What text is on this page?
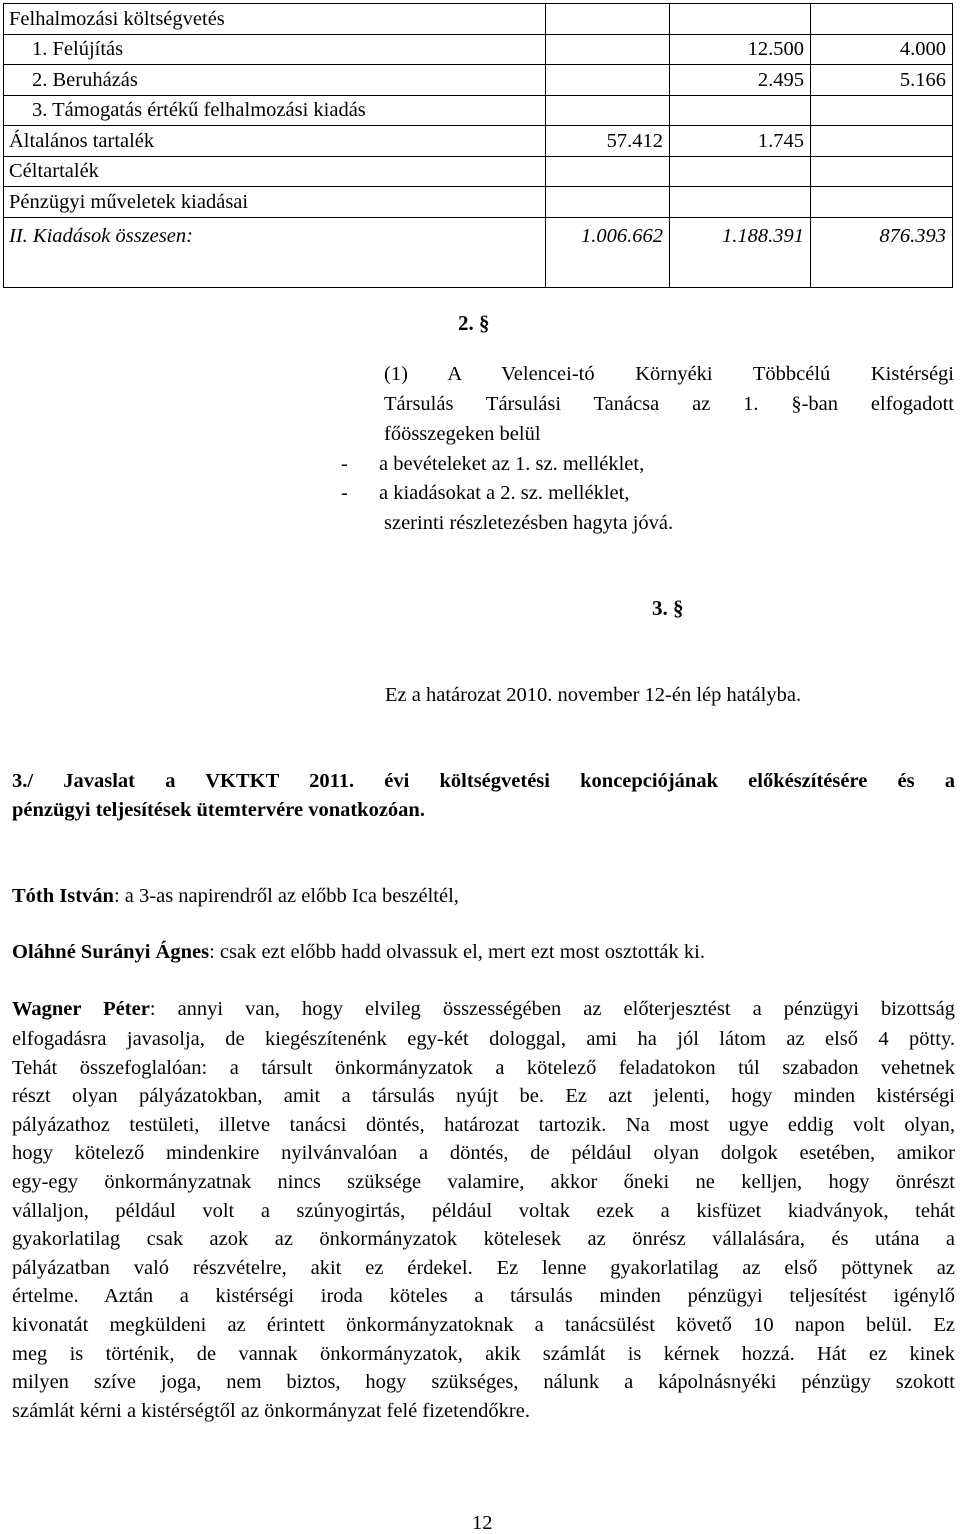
Felhalmozási költségvetés			
1. Felújítás		12.500	4.000
2. Beruházás		2.495	5.166
3. Támogatás értékű felhalmozási kiadás			
Általános tartalék	57.412	1.745	
Céltartalék			
Pénzügyi műveletek kiadásai			
II. Kiadások összesen:	1.006.662	1.188.391	876.393
2. §
(1) A Velencei-tó Környéki Többcélú Kistérségi
Társulás Társulási Tanácsa az 1. §-ban elfogadott
főösszegeken belül
- a bevételeket az 1. sz. melléklet,
- a kiadásokat a 2. sz. melléklet,
szerinti részletezésben hagyta jóvá.
3. §
Ez a határozat 2010. november 12-én lép hatályba.
3./ Javaslat a VKTKT 2011. évi költségvetési koncepciójának előkészítésére és a
pénzügyi teljesítések ütemtervére vonatkozóan.
Tóth István: a 3-as napirendről az előbb Ica beszéltél,
Oláhné Surányi Ágnes: csak ezt előbb hadd olvassuk el, mert ezt most osztották ki.
Wagner Péter: annyi van, hogy elvileg összességében az előterjesztést a pénzügyi bizottság
elfogadásra javasolja, de kiegészítenénk egy-két dologgal, ami ha jól látom az első 4 pötty.
Tehát összefoglalóan: a társult önkormányzatok a kötelező feladatokon túl szabadon vehetnek
részt olyan pályázatokban, amit a társulás nyújt be. Ez azt jelenti, hogy minden kistérségi
pályázathoz testületi, illetve tanácsi döntés, határozat tartozik. Na most ugye eddig volt olyan,
hogy kötelező mindenkire nyilvánvalóan a döntés, de például olyan dolgok esetében, amikor
egy-egy önkormányzatnak nincs szüksége valamire, akkor őneki ne kelljen, hogy önrészt
vállaljon, például volt a szúnyogirtás, például voltak ezek a kisfüzet kiadványok, tehát
gyakorlatilag csak azok az önkormányzatok kötelesek az önrész vállalására, és utána a
pályázatban való részvételre, akit ez érdekel. Ez lenne gyakorlatilag az első pöttynek az
értelme. Aztán a kistérségi iroda köteles a társulás minden pénzügyi teljesítést igénylő
kivonatát megküldeni az érintett önkormányzatoknak a tanácsülést követő 10 napon belül. Ez
meg is történik, de vannak önkormányzatok, akik számlát is kérnek hozzá. Hát ez kinek
milyen szíve joga, nem biztos, hogy szükséges, nálunk a kápolnásnyéki pénzügy szokott
számlát kérni a kistérségtől az önkormányzat felé fizetendőkre.
12
